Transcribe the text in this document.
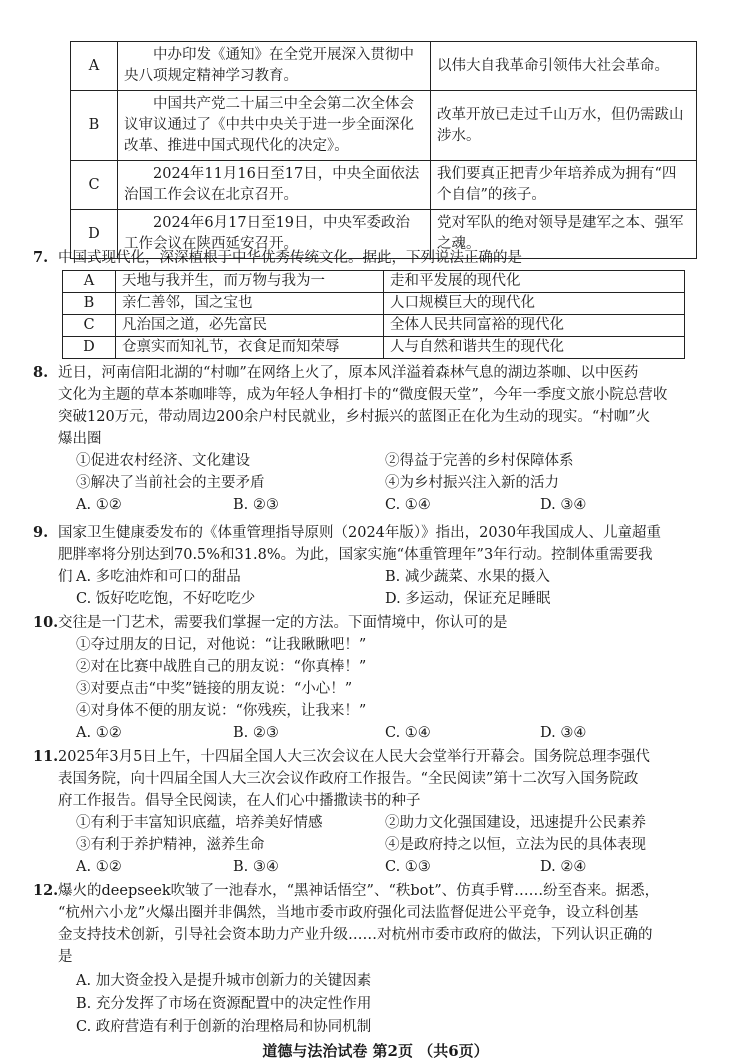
A	中办印发《通知》在全党开展深入贯彻中央八项规定精神学习教育。	以伟大自我革命引领伟大社会革命。
B	中国共产党二十届三中全会第二次全体会议审议通过了《中共中央关于进一步全面深化改革、推进中国式现代化的决定》。	改革开放已走过千山万水，但仍需跋山涉水。
C	2024年11月16日至17日，中央全面依法治国工作会议在北京召开。	我们要真正把青少年培养成为拥有“四个自信”的孩子。
D	2024年6月17日至19日，中央军委政治工作会议在陕西延安召开。	党对军队的绝对领导是建军之本、强军之魂。
7. 中国式现代化，深深植根于中华优秀传统文化。据此，下列说法正确的是
A	天地与我并生，而万物与我为一	走和平发展的现代化
B	亲仁善邻，国之宝也	人口规模巨大的现代化
C	凡治国之道，必先富民	全体人民共同富裕的现代化
D	仓禀实而知礼节，衣食足而知荣辱	人与自然和谐共生的现代化
8. 近日，河南信阳北湖的“村咖”在网络上火了，原本风洋溢着森林气息的湖边茶咖、以中医药
文化为主题的草本茶咖啡等，成为年轻人争相打卡的“微度假天堂”，今年一季度文旅小院总营收
突破120万元，带动周边200余户村民就业，乡村振兴的蓝图正在化为生动的现实。“村咖”火
爆出圈
①促进农村经济、文化建设	②得益于完善的乡村保障体系
③解决了当前社会的主要矛盾	④为乡村振兴注入新的活力
A. ①②	B. ②③	C. ①④	D. ③④
9. 国家卫生健康委发布的《体重管理指导原则（2024年版）》指出，2030年我国成人、儿童超重
肥胖率将分别达到70.5%和31.8%。为此，国家实施“体重管理年”3年行动。控制体重需要我
们 A. 多吃油炸和可口的甜品	B. 减少蔬菜、水果的摄入
C. 饭好吃吃饱，不好吃吃少	D. 多运动，保证充足睡眠
10. 交往是一门艺术，需要我们掌握一定的方法。下面情境中，你认可的是
①夺过朋友的日记，对他说：“让我瞅瞅吧！”
②对在比赛中战胜自己的朋友说：“你真棒！”
③对要点击“中奖”链接的朋友说：“小心！”
④对身体不便的朋友说：“你残疾，让我来！”
A. ①②	B. ②③	C. ①④	D. ③④
11. 2025年3月5日上午，十四届全国人大三次会议在人民大会堂举行开幕会。国务院总理李强代
表国务院，向十四届全国人大三次会议作政府工作报告。“全民阅读”第十二次写入国务院政
府工作报告。倡导全民阅读，在人们心中播撒读书的种子
①有利于丰富知识底蕴，培养美好情感	②助力文化强国建设，迅速提升公民素养
③有利于养护精神，滋养生命	④是政府持之以恒，立法为民的具体表现
A. ①②	B. ③④	C. ①③	D. ②④
12. 爆火的deepseek吹皱了一池春水，“黑神话悟空”、“秩bot”、仿真手臂……纷至杳来。据悉，
“杭州六小龙”火爆出圈并非偶然，当地市委市政府强化司法监督促进公平竞争，设立科创基
金支持技术创新，引导社会资本助力产业升级……对杭州市委市政府的做法，下列认识正确的
是
A. 加大资金投入是提升城市创新力的关键因素
B. 充分发挥了市场在资源配置中的决定性作用
C. 政府营造有利于创新的治理格局和协同机制
道德与法治试卷 第2页 （共6页）
